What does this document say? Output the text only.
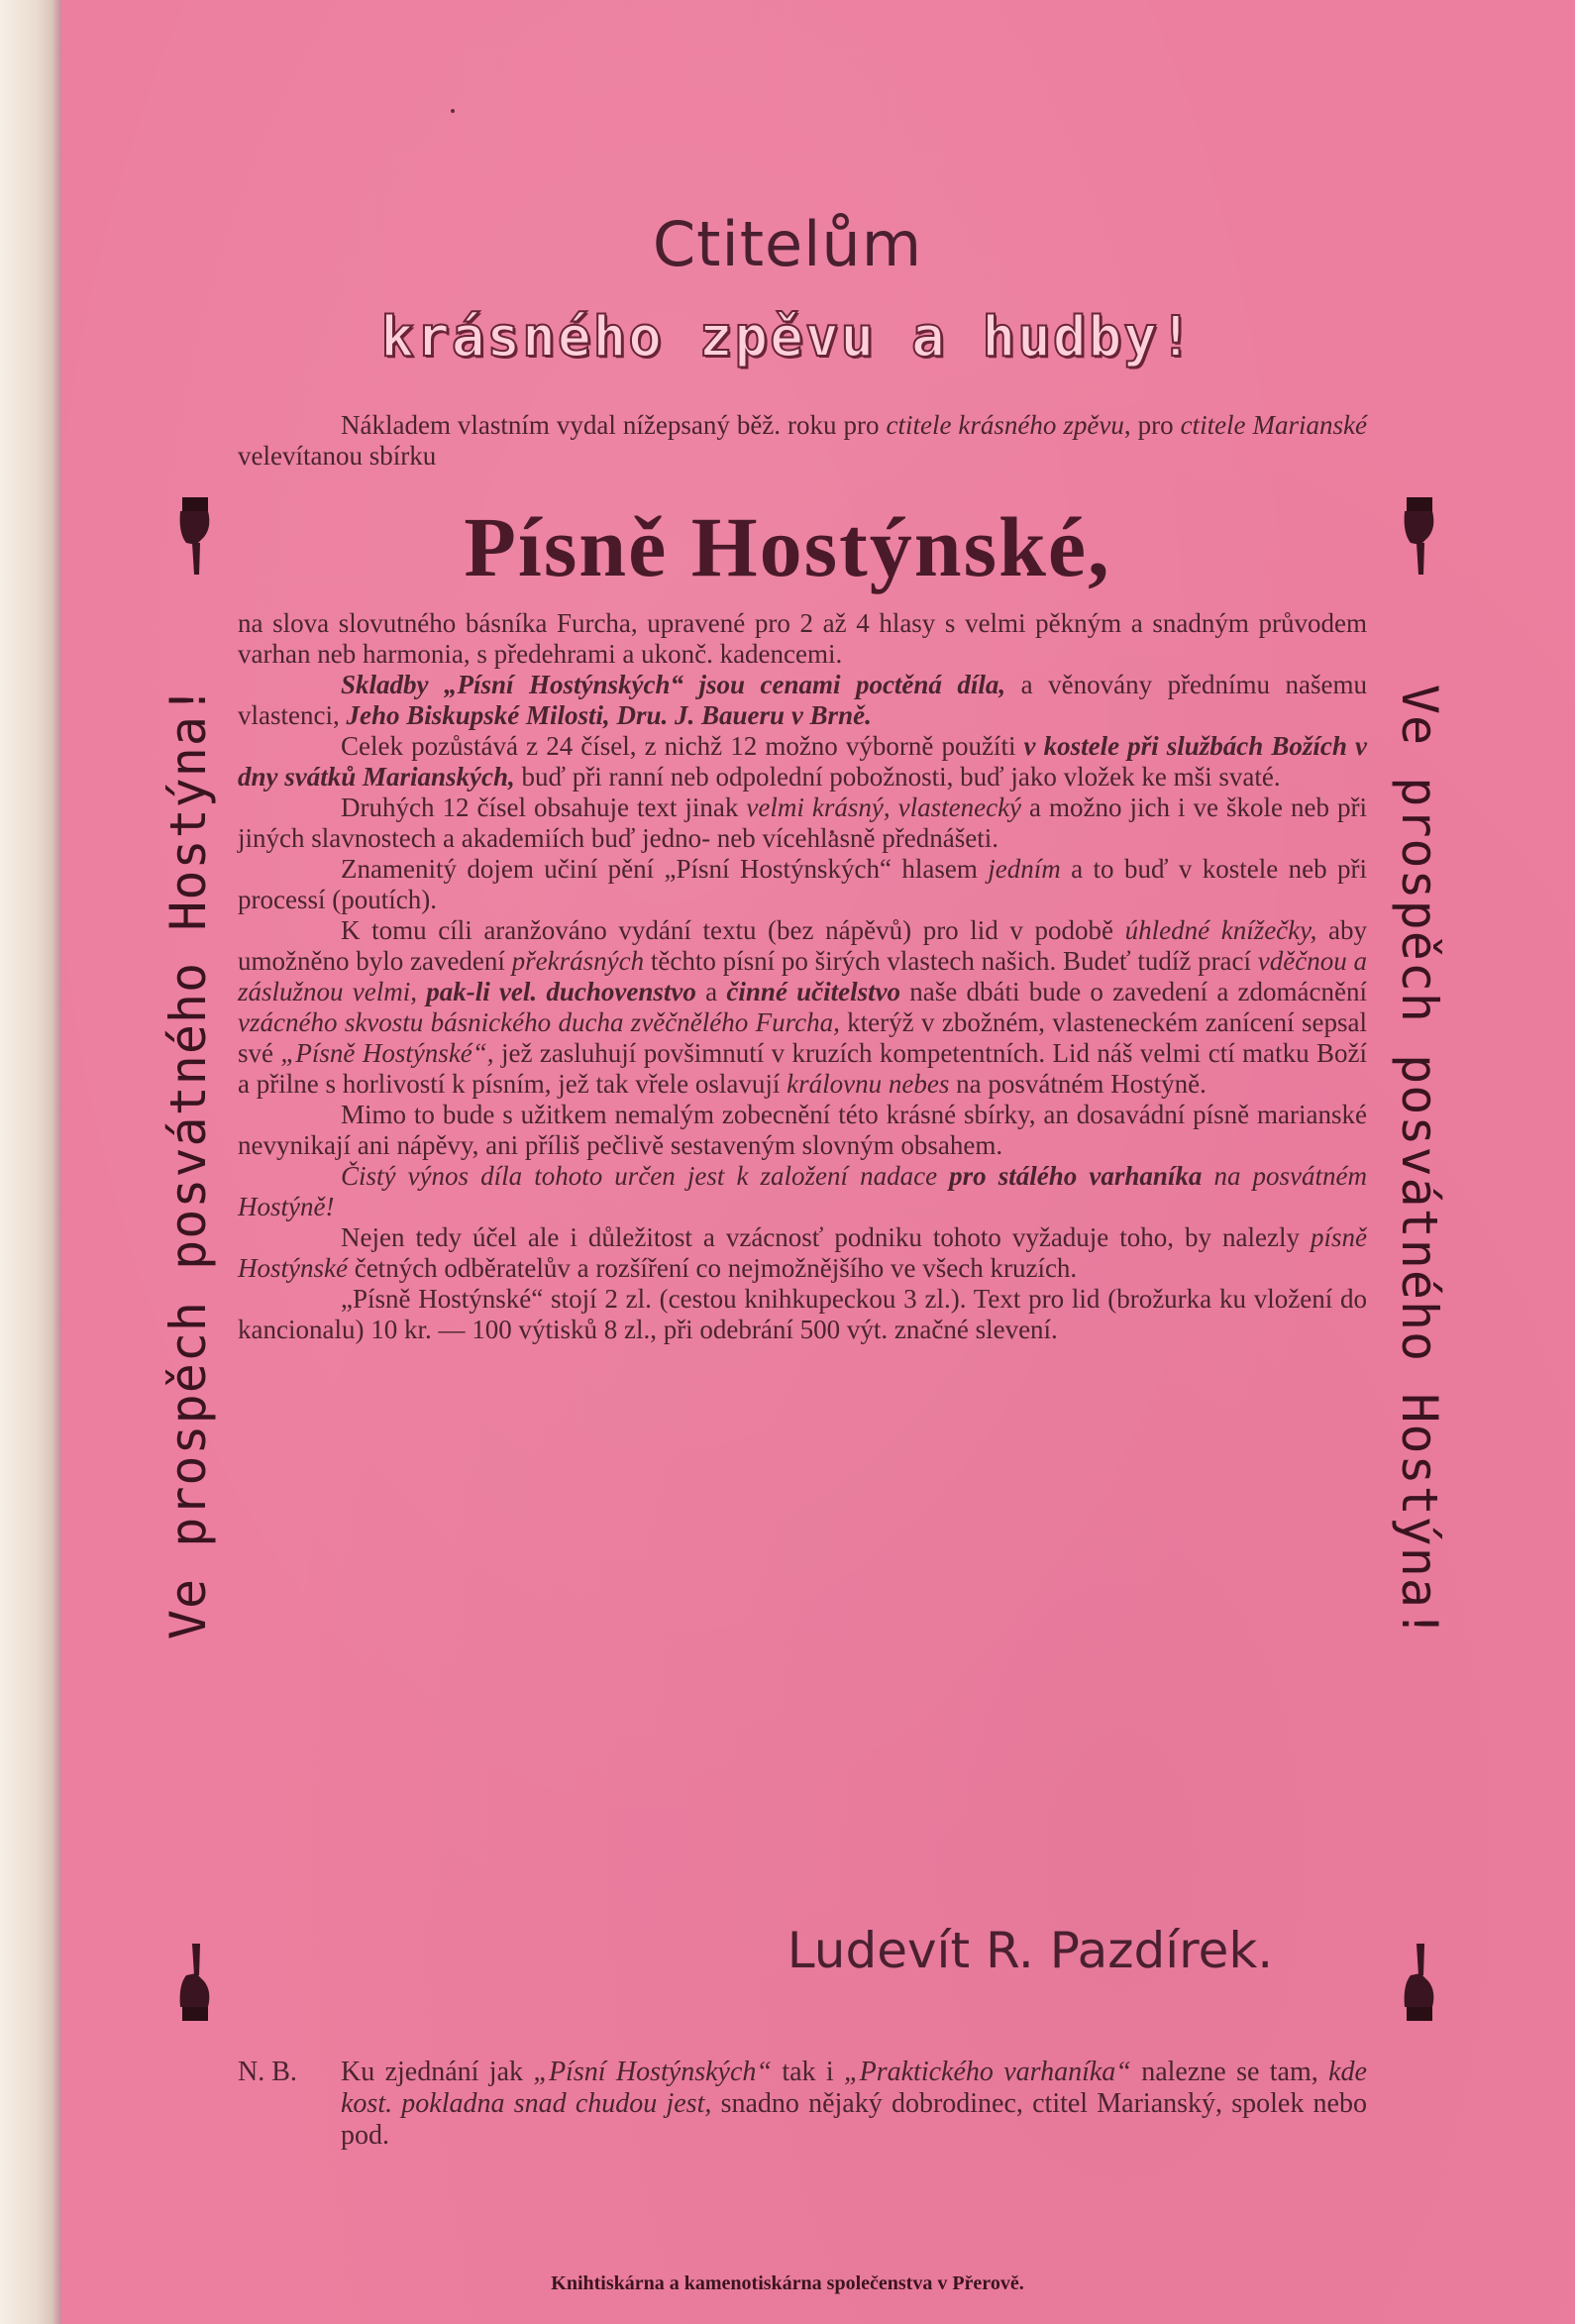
Ctitelům
krásného zpěvu a hudby!
Nákladem vlastním vydal nížepsaný běž. roku pro ctitele krásného zpěvu, pro ctitele Marianské velevítanou sbírku
Písně Hostýnské,

na slova slovutného básníka Furcha, upravené pro 2 až 4 hlasy s velmi pěkným a snadným průvodem varhan neb harmonia, s předehrami a ukonč. kadencemi.

Skladby „Písní Hostýnských“ jsou cenami poctěná díla, a věnovány přednímu našemu vlastenci, Jeho Biskupské Milosti, Dru. J. Baueru v Brně.

Celek pozůstává z 24 čísel, z nichž 12 možno výborně použíti v kostele při službách Božích v dny svátků Marianských, buď při ranní neb odpolední pobožnosti, buď jako vložek ke mši svaté.

Druhých 12 čísel obsahuje text jinak velmi krásný, vlastenecký a možno jich i ve škole neb při jiných slavnostech a akademiích buď jedno- neb vícehlasně přednášeti.

Znamenitý dojem učiní pění „Písní Hostýnských“ hlasem jedním a to buď v kostele neb při processí (poutích).

K tomu cíli aranžováno vydání textu (bez nápěvů) pro lid v podobě úhledné knížečky, aby umožněno bylo zavedení překrásných těchto písní po širých vlastech našich. Budeť tudíž prací vděčnou a záslužnou velmi, pak-li vel. duchovenstvo a činné učitelstvo naše dbáti bude o zavedení a zdomácnění vzácného skvostu básnického ducha zvěčnělého Furcha, kterýž v zbožném, vlasteneckém zanícení sepsal své „Písně Hostýnské“, jež zasluhují povšimnutí v kruzích kompetentních. Lid náš velmi ctí matku Boží a přilne s horlivostí k písním, jež tak vřele oslavují královnu nebes na posvátném Hostýně.

Mimo to bude s užitkem nemalým zobecnění této krásné sbírky, an dosavádní písně marianské nevynikají ani nápěvy, ani příliš pečlivě sestaveným slovným obsahem.

Čistý výnos díla tohoto určen jest k založení nadace pro stálého varhaníka na posvátném Hostýně!

Nejen tedy účel ale i důležitost a vzácnosť podniku tohoto vyžaduje toho, by nalezly písně Hostýnské četných odběratelův a rozšíření co nejmožnějšího ve všech kruzích.

„Písně Hostýnské“ stojí 2 zl. (cestou knihkupeckou 3 zl.). Text pro lid (brožurka ku vložení do kancionalu) 10 kr. — 100 výtisků 8 zl., při odebrání 500 výt. značné slevení.

Ve prospěch posvátného Hostýna!	Ve prospěch posvátného Hostýna!
Ludevít R. Pazdírek.
N. B. Ku zjednání jak „Písní Hostýnských“ tak i „Praktického varhaníka“ nalezne se tam, kde kost. pokladna snad chudou jest, snadno nějaký dobrodinec, ctitel Marianský, spolek nebo pod.
Knihtiskárna a kamenotiskárna společenstva v Přerově.
